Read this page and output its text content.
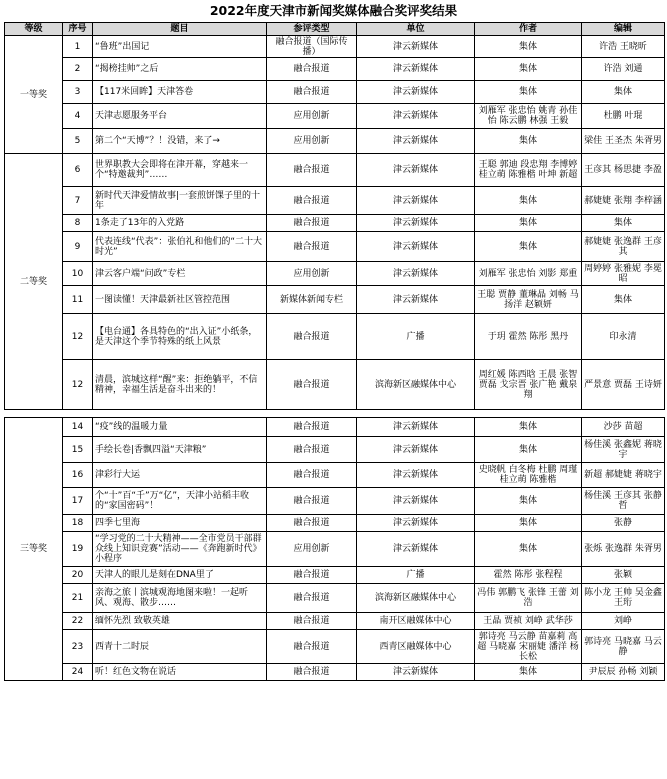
2022年度天津市新闻奖媒体融合奖评奖结果
等级	序号	题目	参评类型	单位	作者	编辑
一等奖	1	“鲁班”出国记	融合报道（国际传播）	津云新媒体	集体	许浩 王晓昕
	2	“揭榜挂帅”之后	融合报道	津云新媒体	集体	许浩 刘通
	3	【117米回眸】天津答卷	融合报道	津云新媒体	集体	集体
	4	天津志愿服务平台	应用创新	津云新媒体	刘雁军 张忠怡 姚青 孙佳怡 陈云鹏 林强 王毅	杜鹏 叶琨
	5	第二个“天博”？！没错，来了→	应用创新	津云新媒体	集体	梁佳 王圣杰 朱胥男
二等奖	6	世界职教大会即将在津开幕，穿越来一个“特邀裁判”……	融合报道	津云新媒体	王聪 郭迪 段忠翔 李博婷 桂立萌 陈雅楷 叶坤 新超	王彦其 杨思捷 李盈
	7	新时代天津爱情故事|一套煎饼馃子里的十年	融合报道	津云新媒体	集体	郝婕婕 张翔 李梓涵
	8	1条走了13年的入党路	融合报道	津云新媒体	集体	集体
	9	代表连线“代表”：张伯礼和他们的“二十大时光”	融合报道	津云新媒体	集体	郝婕婕 张逸群 王彦其
	10	津云客户端“问政”专栏	应用创新	津云新媒体	刘雁军 张忠怡 刘影 郑重	周婷婷 张雅妮 李冕昭
	11	一图读懂！天津最新社区管控范围	新媒体新闻专栏	津云新媒体	王聪 贾静 董琳晶 刘畅 马扬洋 赵颖妍	集体
	12	【电台通】各具特色的“出入证”小纸条，是天津这个季节特殊的纸上风景	融合报道	广播	于玥 霍然 陈彤 黑丹	印永清
	12	清晨，滨城这样“醒”来：拒绝躺平，不信精神，幸福生活是奋斗出来的！	融合报道	滨海新区融媒体中心	周红媛 陈西晗 王晨 张智 贾磊 戈宗晋 张广艳 戴泉翔	严景意 贾磊 王诗妍

三等奖	14	“疫”线的温暖力量	融合报道	津云新媒体	集体	沙莎 苗超
	15	手绘长卷|香飘四溢“天津粮”	融合报道	津云新媒体	集体	杨佳溪 张鑫妮 蒋晓宇
	16	津彩行大运	融合报道	津云新媒体	史晓帆 白冬梅 杜鹏 周瑾 桂立萌 陈雅楷	新超 郝婕婕 蒋晓宇
	17	个“十”百“千”万“亿”，天津小站稻丰收的“家国密码”！	融合报道	津云新媒体	集体	杨佳溪 王彦其 张静哲
	18	四季七里海	融合报道	津云新媒体	集体	张静
	19	“学习党的二十大精神——全市党员干部群众线上知识竞赛”活动——《奔跑新时代》小程序	应用创新	津云新媒体	集体	张烁 张逸群 朱胥男
	20	天津人的眼儿是刻在DNA里了	融合报道	广播	霍然 陈彤 张程程	张颖
	21	亲海之旅丨滨城观海地图来啦！一起听风、观海、散步……	融合报道	滨海新区融媒体中心	冯伟 郭鹏飞 张锋 王蕾 刘浩	陈小龙 王帅 吴金鑫 王珩
	22	缅怀先烈 致敬英雄	融合报道	南开区融媒体中心	王晶 贾祯 刘峥 武华莎	刘峥
	23	西青十二时辰	融合报道	西青区融媒体中心	郭诗亮 马云静 苗嘉莉 高超 马晓嘉 宋丽婕 潘洋 杨长松	郭诗亮 马晓嘉 马云静
	24	听！红色文物在说话	融合报道	津云新媒体	集体	尹辰辰 孙畅 刘颖
